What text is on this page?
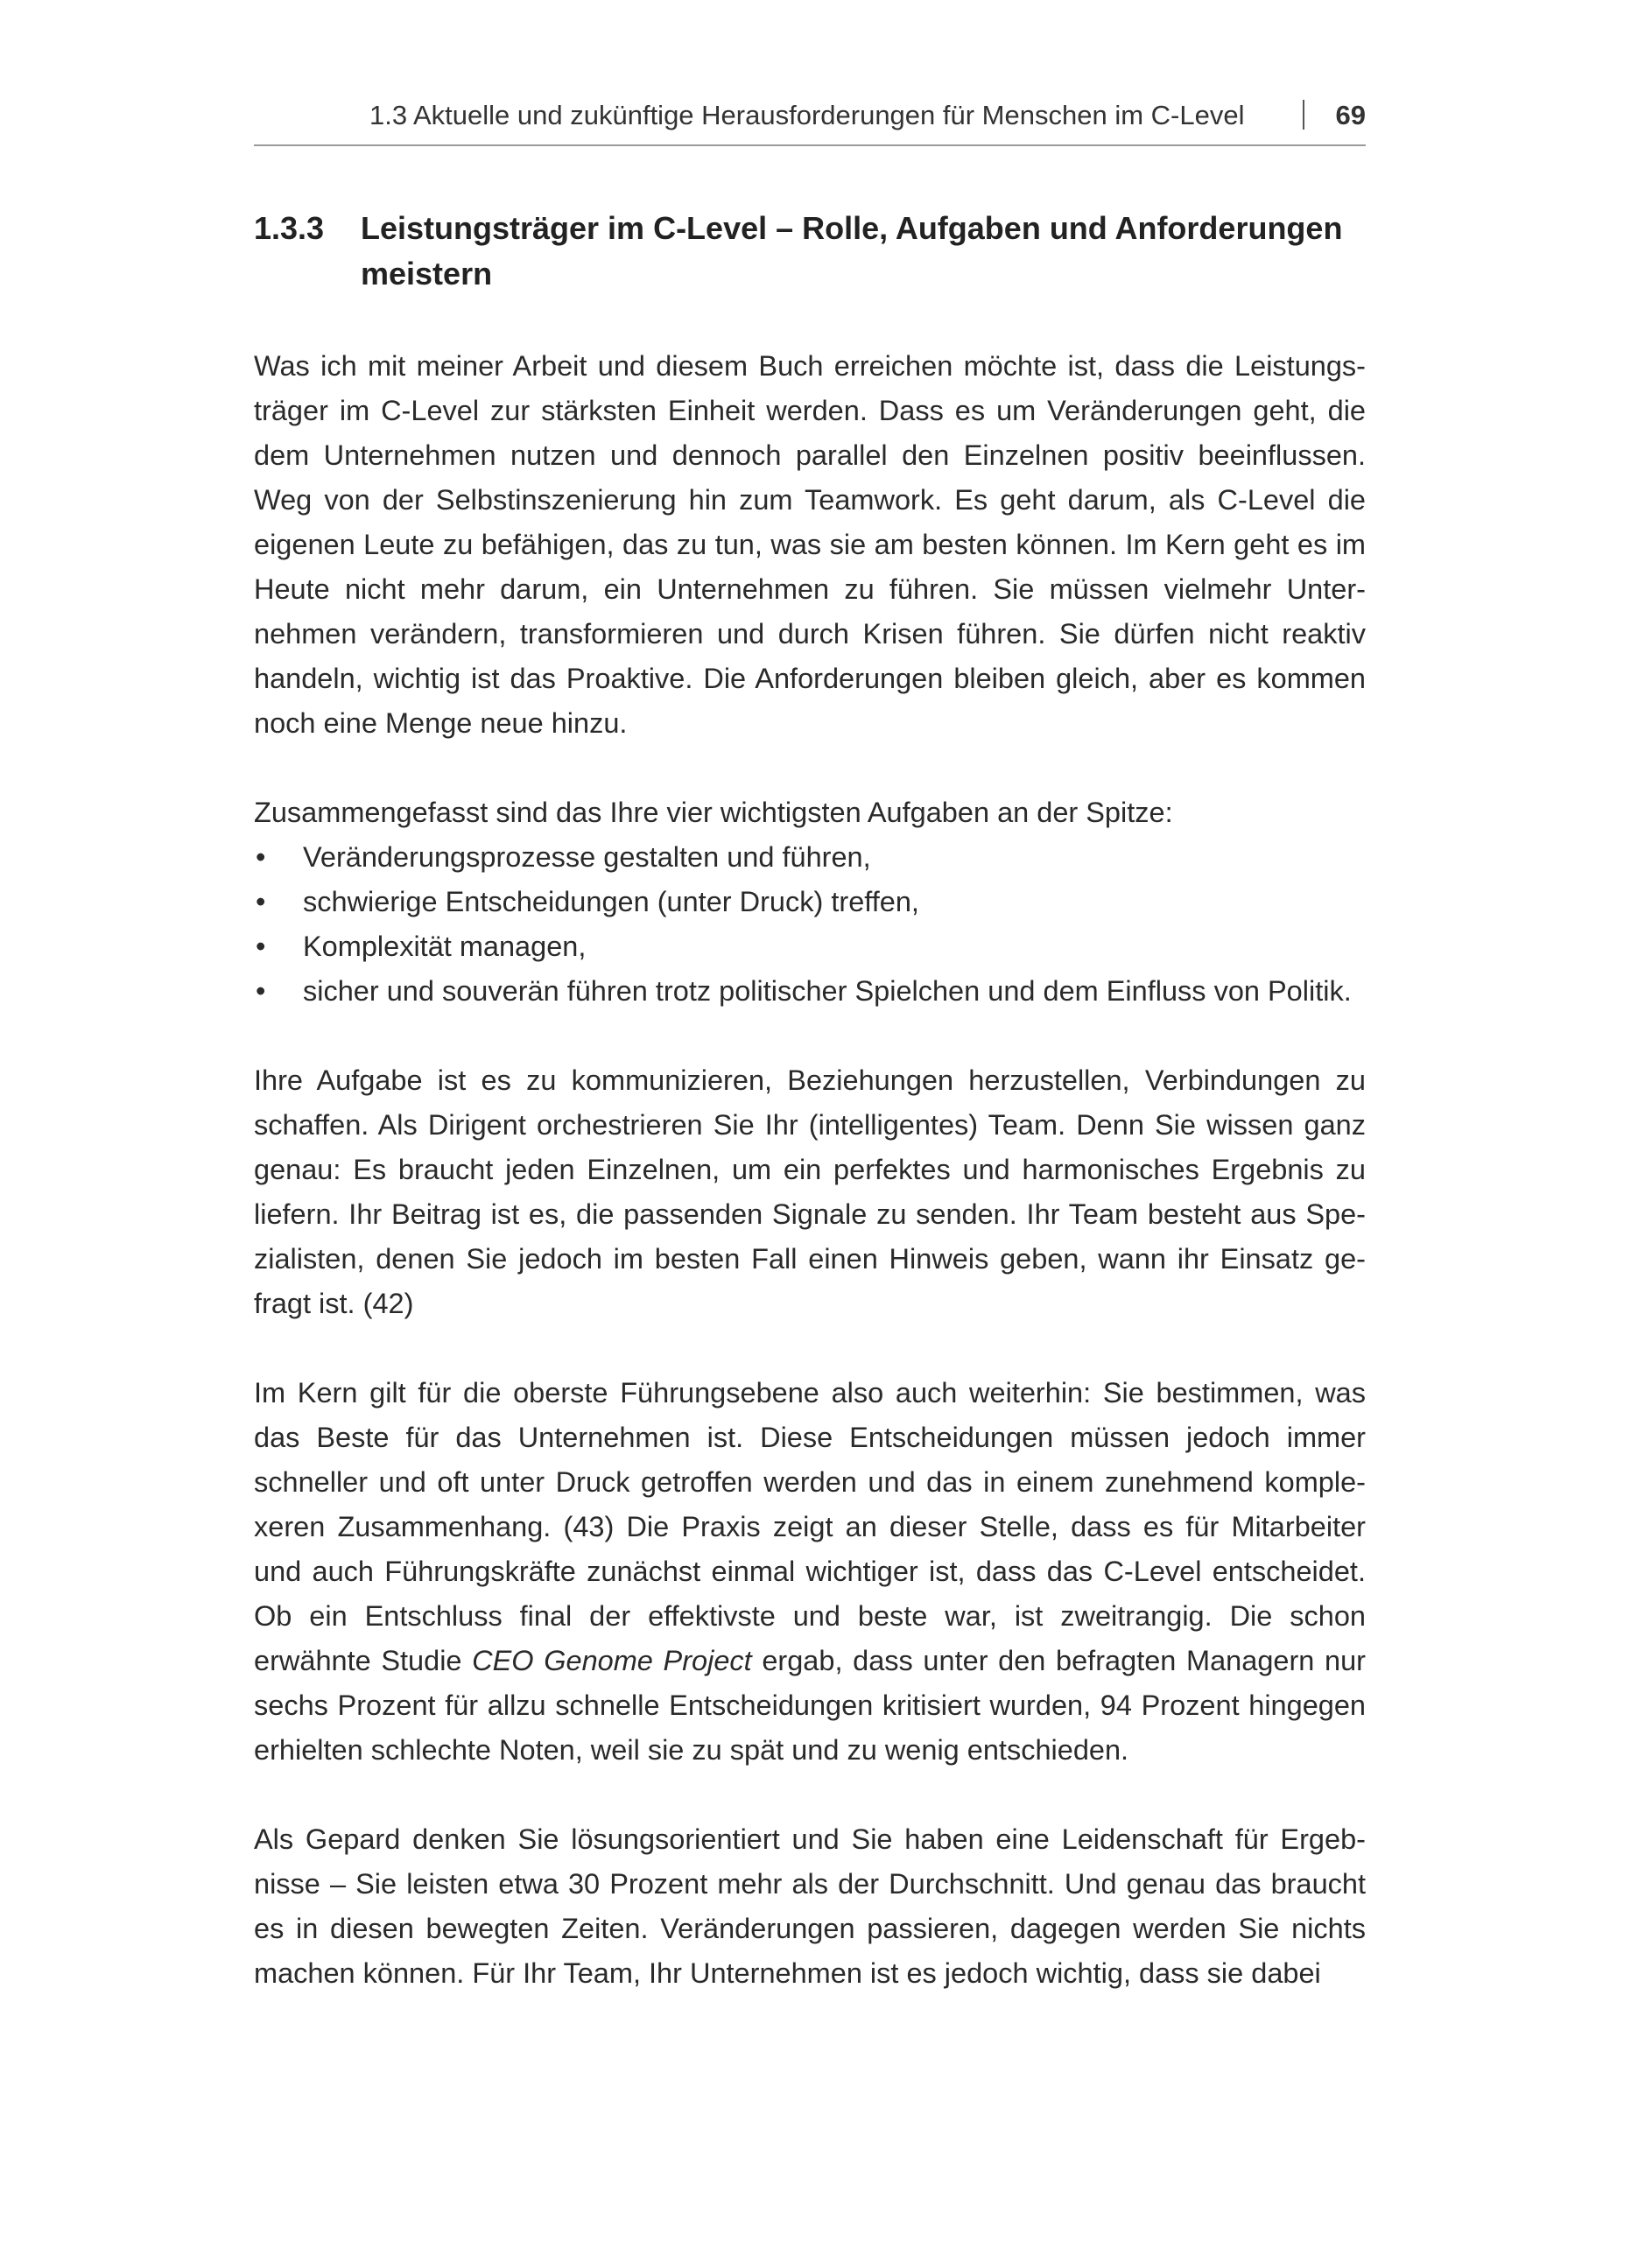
1.3 Aktuelle und zukünftige Herausforderungen für Menschen im C-Level	69
1.3.3 Leistungsträger im C-Level – Rolle, Aufgaben und Anforderungen meistern

Was ich mit meiner Arbeit und diesem Buch erreichen möchte ist, dass die Leistungsträger im C-Level zur stärksten Einheit werden. Dass es um Veränderungen geht, die dem Unternehmen nutzen und dennoch parallel den Einzelnen positiv beeinflussen. Weg von der Selbstinszenierung hin zum Teamwork. Es geht darum, als C-Level die eigenen Leute zu befähigen, das zu tun, was sie am besten können. Im Kern geht es im Heute nicht mehr darum, ein Unternehmen zu führen. Sie müssen vielmehr Unternehmen verändern, transformieren und durch Krisen führen. Sie dürfen nicht reaktiv handeln, wichtig ist das Proaktive. Die Anforderungen bleiben gleich, aber es kommen noch eine Menge neue hinzu.

Zusammengefasst sind das Ihre vier wichtigsten Aufgaben an der Spitze:

• Veränderungsprozesse gestalten und führen,
• schwierige Entscheidungen (unter Druck) treffen,
• Komplexität managen,
• sicher und souverän führen trotz politischer Spielchen und dem Einfluss von Politik.

Ihre Aufgabe ist es zu kommunizieren, Beziehungen herzustellen, Verbindungen zu schaffen. Als Dirigent orchestrieren Sie Ihr (intelligentes) Team. Denn Sie wissen ganz genau: Es braucht jeden Einzelnen, um ein perfektes und harmonisches Ergebnis zu liefern. Ihr Beitrag ist es, die passenden Signale zu senden. Ihr Team besteht aus Spezialisten, denen Sie jedoch im besten Fall einen Hinweis geben, wann ihr Einsatz gefragt ist. (42)

Im Kern gilt für die oberste Führungsebene also auch weiterhin: Sie bestimmen, was das Beste für das Unternehmen ist. Diese Entscheidungen müssen jedoch immer schneller und oft unter Druck getroffen werden und das in einem zunehmend komplexeren Zusammenhang. (43) Die Praxis zeigt an dieser Stelle, dass es für Mitarbeiter und auch Führungskräfte zunächst einmal wichtiger ist, dass das C-Level entscheidet. Ob ein Entschluss final der effektivste und beste war, ist zweitrangig. Die schon erwähnte Studie CEO Genome Project ergab, dass unter den befragten Managern nur sechs Prozent für allzu schnelle Entscheidungen kritisiert wurden, 94 Prozent hingegen erhielten schlechte Noten, weil sie zu spät und zu wenig entschieden.

Als Gepard denken Sie lösungsorientiert und Sie haben eine Leidenschaft für Ergebnisse – Sie leisten etwa 30 Prozent mehr als der Durchschnitt. Und genau das braucht es in diesen bewegten Zeiten. Veränderungen passieren, dagegen werden Sie nichts machen können. Für Ihr Team, Ihr Unternehmen ist es jedoch wichtig, dass sie dabei
